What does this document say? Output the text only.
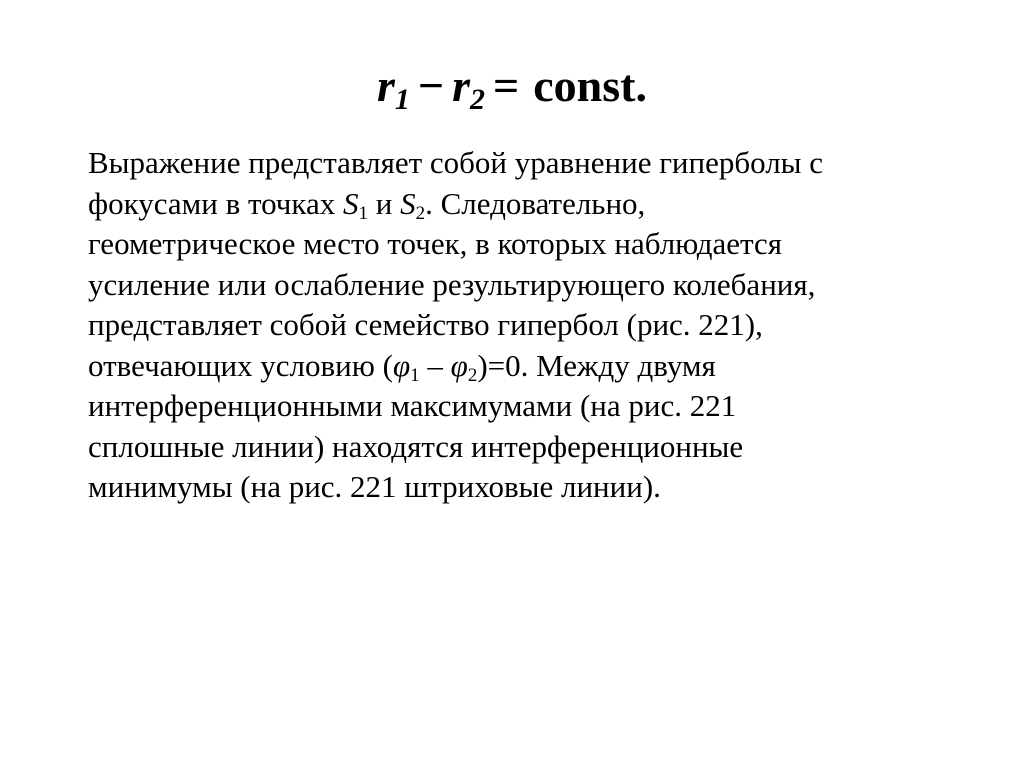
$r_1 - r_2$ = const.
Выражение представляет собой уравнение гиперболы с
фокусами в точках $S_1$ и $S_2$. Следовательно,
геометрическое место точек, в которых наблюдается
усиление или ослабление результирующего колебания,
представляет собой семейство гипербол (рис. 221),
отвечающих условию $(\varphi_1 - \varphi_2)=0$. Между двумя
интерференционными максимумами (на рис. 221
сплошные линии) находятся интерференционные
минимумы (на рис. 221 штриховые линии).
